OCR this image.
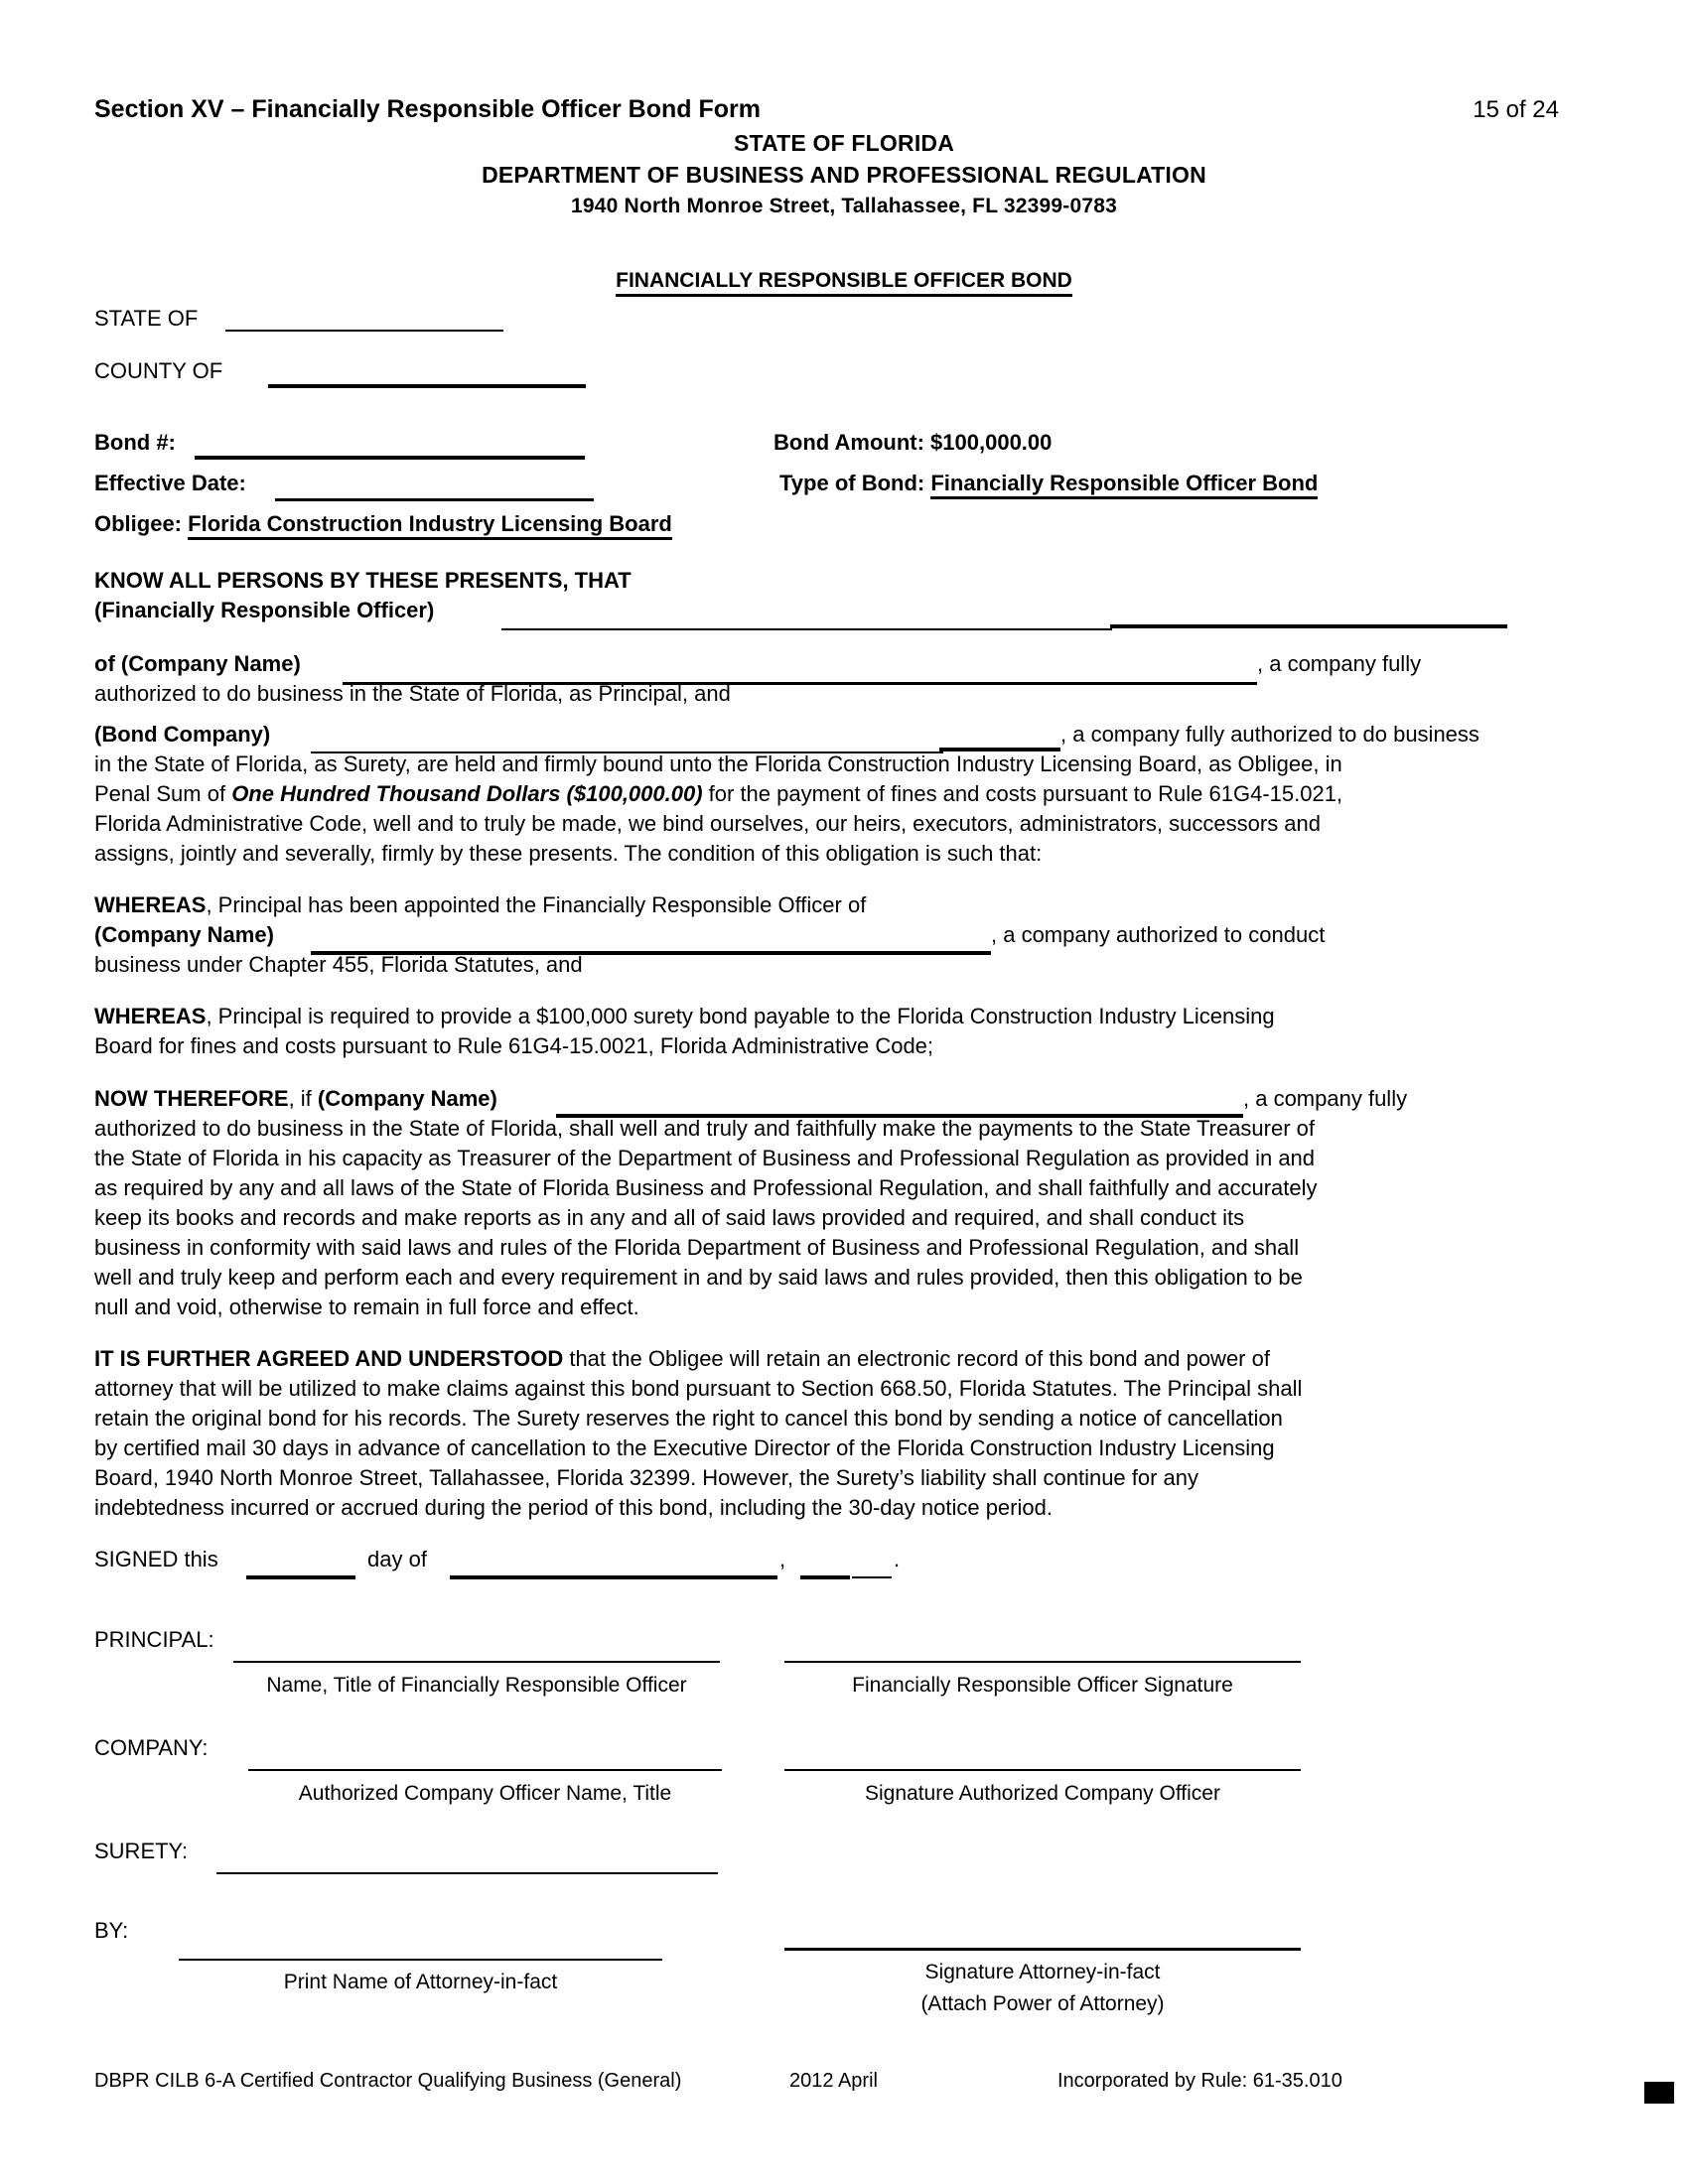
Section XV – Financially Responsible Officer Bond Form	15 of 24
STATE OF FLORIDA
DEPARTMENT OF BUSINESS AND PROFESSIONAL REGULATION
1940 North Monroe Street, Tallahassee, FL 32399-0783
FINANCIALLY RESPONSIBLE OFFICER BOND
STATE OF
COUNTY OF
Bond #:	Bond Amount: $100,000.00
Effective Date:	Type of Bond: Financially Responsible Officer Bond
Obligee: Florida Construction Industry Licensing Board
KNOW ALL PERSONS BY THESE PRESENTS, THAT
(Financially Responsible Officer)
of (Company Name)	, a company fully
authorized to do business in the State of Florida, as Principal, and
(Bond Company)	, a company fully authorized to do business
in the State of Florida, as Surety, are held and firmly bound unto the Florida Construction Industry Licensing Board, as Obligee, in
Penal Sum of One Hundred Thousand Dollars ($100,000.00) for the payment of fines and costs pursuant to Rule 61G4-15.021,
Florida Administrative Code, well and to truly be made, we bind ourselves, our heirs, executors, administrators, successors and
assigns, jointly and severally, firmly by these presents. The condition of this obligation is such that:
WHEREAS, Principal has been appointed the Financially Responsible Officer of
(Company Name)	, a company authorized to conduct
business under Chapter 455, Florida Statutes, and
WHEREAS, Principal is required to provide a $100,000 surety bond payable to the Florida Construction Industry Licensing
Board for fines and costs pursuant to Rule 61G4-15.0021, Florida Administrative Code;
NOW THEREFORE, if (Company Name)	, a company fully
authorized to do business in the State of Florida, shall well and truly and faithfully make the payments to the State Treasurer of
the State of Florida in his capacity as Treasurer of the Department of Business and Professional Regulation as provided in and
as required by any and all laws of the State of Florida Business and Professional Regulation, and shall faithfully and accurately
keep its books and records and make reports as in any and all of said laws provided and required, and shall conduct its
business in conformity with said laws and rules of the Florida Department of Business and Professional Regulation, and shall
well and truly keep and perform each and every requirement in and by said laws and rules provided, then this obligation to be
null and void, otherwise to remain in full force and effect.
IT IS FURTHER AGREED AND UNDERSTOOD that the Obligee will retain an electronic record of this bond and power of
attorney that will be utilized to make claims against this bond pursuant to Section 668.50, Florida Statutes. The Principal shall
retain the original bond for his records. The Surety reserves the right to cancel this bond by sending a notice of cancellation
by certified mail 30 days in advance of cancellation to the Executive Director of the Florida Construction Industry Licensing
Board, 1940 North Monroe Street, Tallahassee, Florida 32399. However, the Surety’s liability shall continue for any
indebtedness incurred or accrued during the period of this bond, including the 30-day notice period.
SIGNED this	day of	,	.
PRINCIPAL:
Name, Title of Financially Responsible Officer	Financially Responsible Officer Signature
COMPANY:
Authorized Company Officer Name, Title	Signature Authorized Company Officer
SURETY:
BY:
Print Name of Attorney-in-fact	Signature Attorney-in-fact
(Attach Power of Attorney)
DBPR CILB 6-A Certified Contractor Qualifying Business (General)	2012 April	Incorporated by Rule: 61-35.010
